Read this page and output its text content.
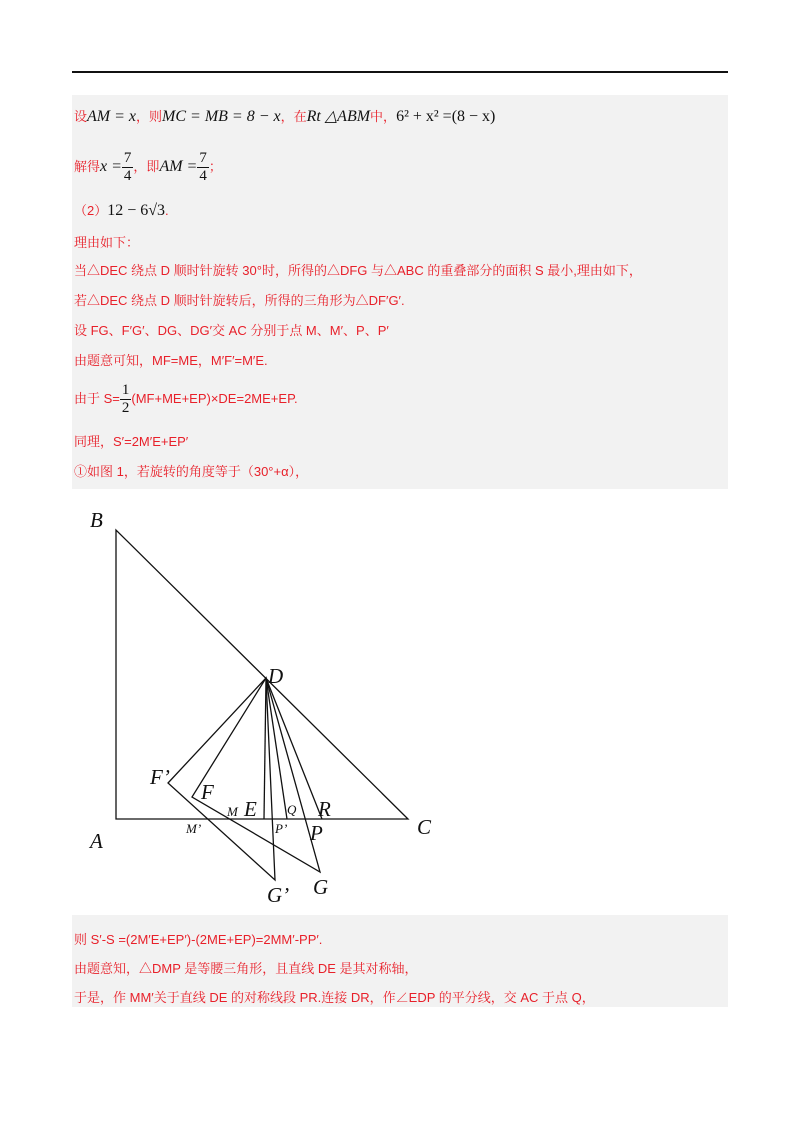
设AM = x，则MC = MB = 8 − x，在Rt △ABM中，6² + x² =(8 − x)
解得$x = \frac{7}{4}$ ，即AM = $\frac{7}{4}$ ；
（2）12 − 6√3.
理由如下：
当△DEC 绕点 D 顺时针旋转 30°时，所得的△DFG 与△ABC 的重叠部分的面积 S 最小,理由如下，
若△DEC 绕点 D 顺时针旋转后，所得的三角形为△DF′G′.
设 FG、F′G′、DG、DG′交 AC 分别于点 M、M′、P、P′
由题意可知，MF=ME，M′F′=M′E.
由于 $S= \frac{1}{2} (MF+ME+EP)\times DE=2ME+EP$.
同理，S′=2M′E+EP′
①如图 1，若旋转的角度等于（30°+α），
B
D
F’
F
E	R
P
A
C
G’ G
M	Q
M’	P’
则 S′-S =(2M′E+EP′)-(2ME+EP)=2MM′-PP′.
由题意知，△DMP 是等腰三角形，且直线 DE 是其对称轴，
于是，作 MM′关于直线 DE 的对称线段 PR.连接 DR，作∠EDP 的平分线，交 AC 于点 Q，
